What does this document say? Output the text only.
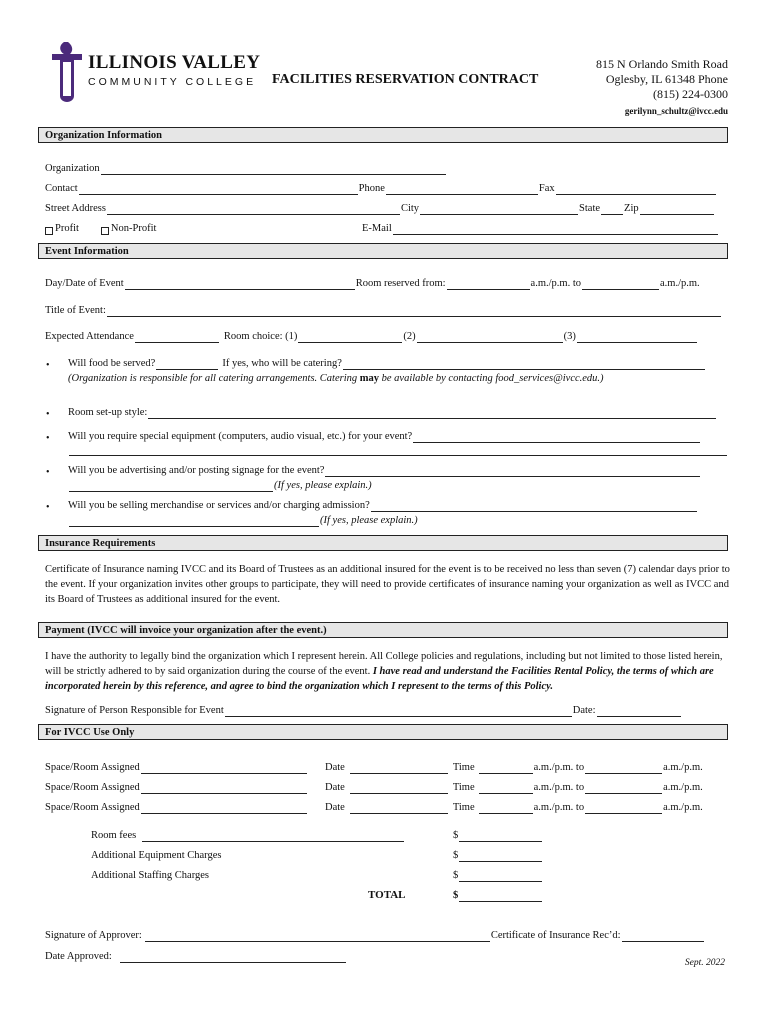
ILLINOIS VALLEY
COMMUNITY COLLEGE FACILITIES RESERVATION CONTRACT
815 N Orlando Smith Road
Oglesby, IL 61348 Phone
(815) 224-0300
gerilynn_schultz@ivcc.edu
Organization Information
Organization
Contact	Phone	Fax
Street Address	City	State Zip
Profit	Non-Profit	E-Mail
Event Information
Day/Date of Event	Room reserved from:	a.m./p.m. to	a.m./p.m.
Title of Event:
Expected Attendance	Room choice: (1)	(2)	(3)
• Will food be served?	If yes, who will be catering?
(Organization is responsible for all catering arrangements. Catering may be available by contacting food_services@ivcc.edu.)
• Room set-up style:
• Will you require special equipment (computers, audio visual, etc.) for your event?
• Will you be advertising and/or posting signage for the event?
(If yes, please explain.)
• Will you be selling merchandise or services and/or charging admission?
(If yes, please explain.)
Insurance Requirements

Certificate of Insurance naming IVCC and its Board of Trustees as an additional insured for the event is to be received no less than seven (7) calendar days prior to the event. If your organization invites other groups to participate, they will need to provide certificates of insurance naming your organization as well as IVCC and its Board of Trustees as additional insured for the event.

Payment (IVCC will invoice your organization after the event.)

I have the authority to legally bind the organization which I represent herein. All College policies and regulations, including but not limited to those listed herein, will be strictly adhered to by said organization during the course of the event. I have read and understand the Facilities Rental Policy, the terms of which are incorporated herein by this reference, and agree to bind the organization which I represent to the terms of this Policy.

Signature of Person Responsible for Event	Date:
For IVCC Use Only
Space/Room Assigned	Date	Time	a.m./p.m. to	a.m./p.m.
Space/Room Assigned	Date	Time	a.m./p.m. to	a.m./p.m.
Space/Room Assigned	Date	Time	a.m./p.m. to	a.m./p.m.
Room fees	$
Additional Equipment Charges	$
Additional Staffing Charges	$
TOTAL	$
Signature of Approver:	Certificate of Insurance Rec’d:
Date Approved:
Sept. 2022
